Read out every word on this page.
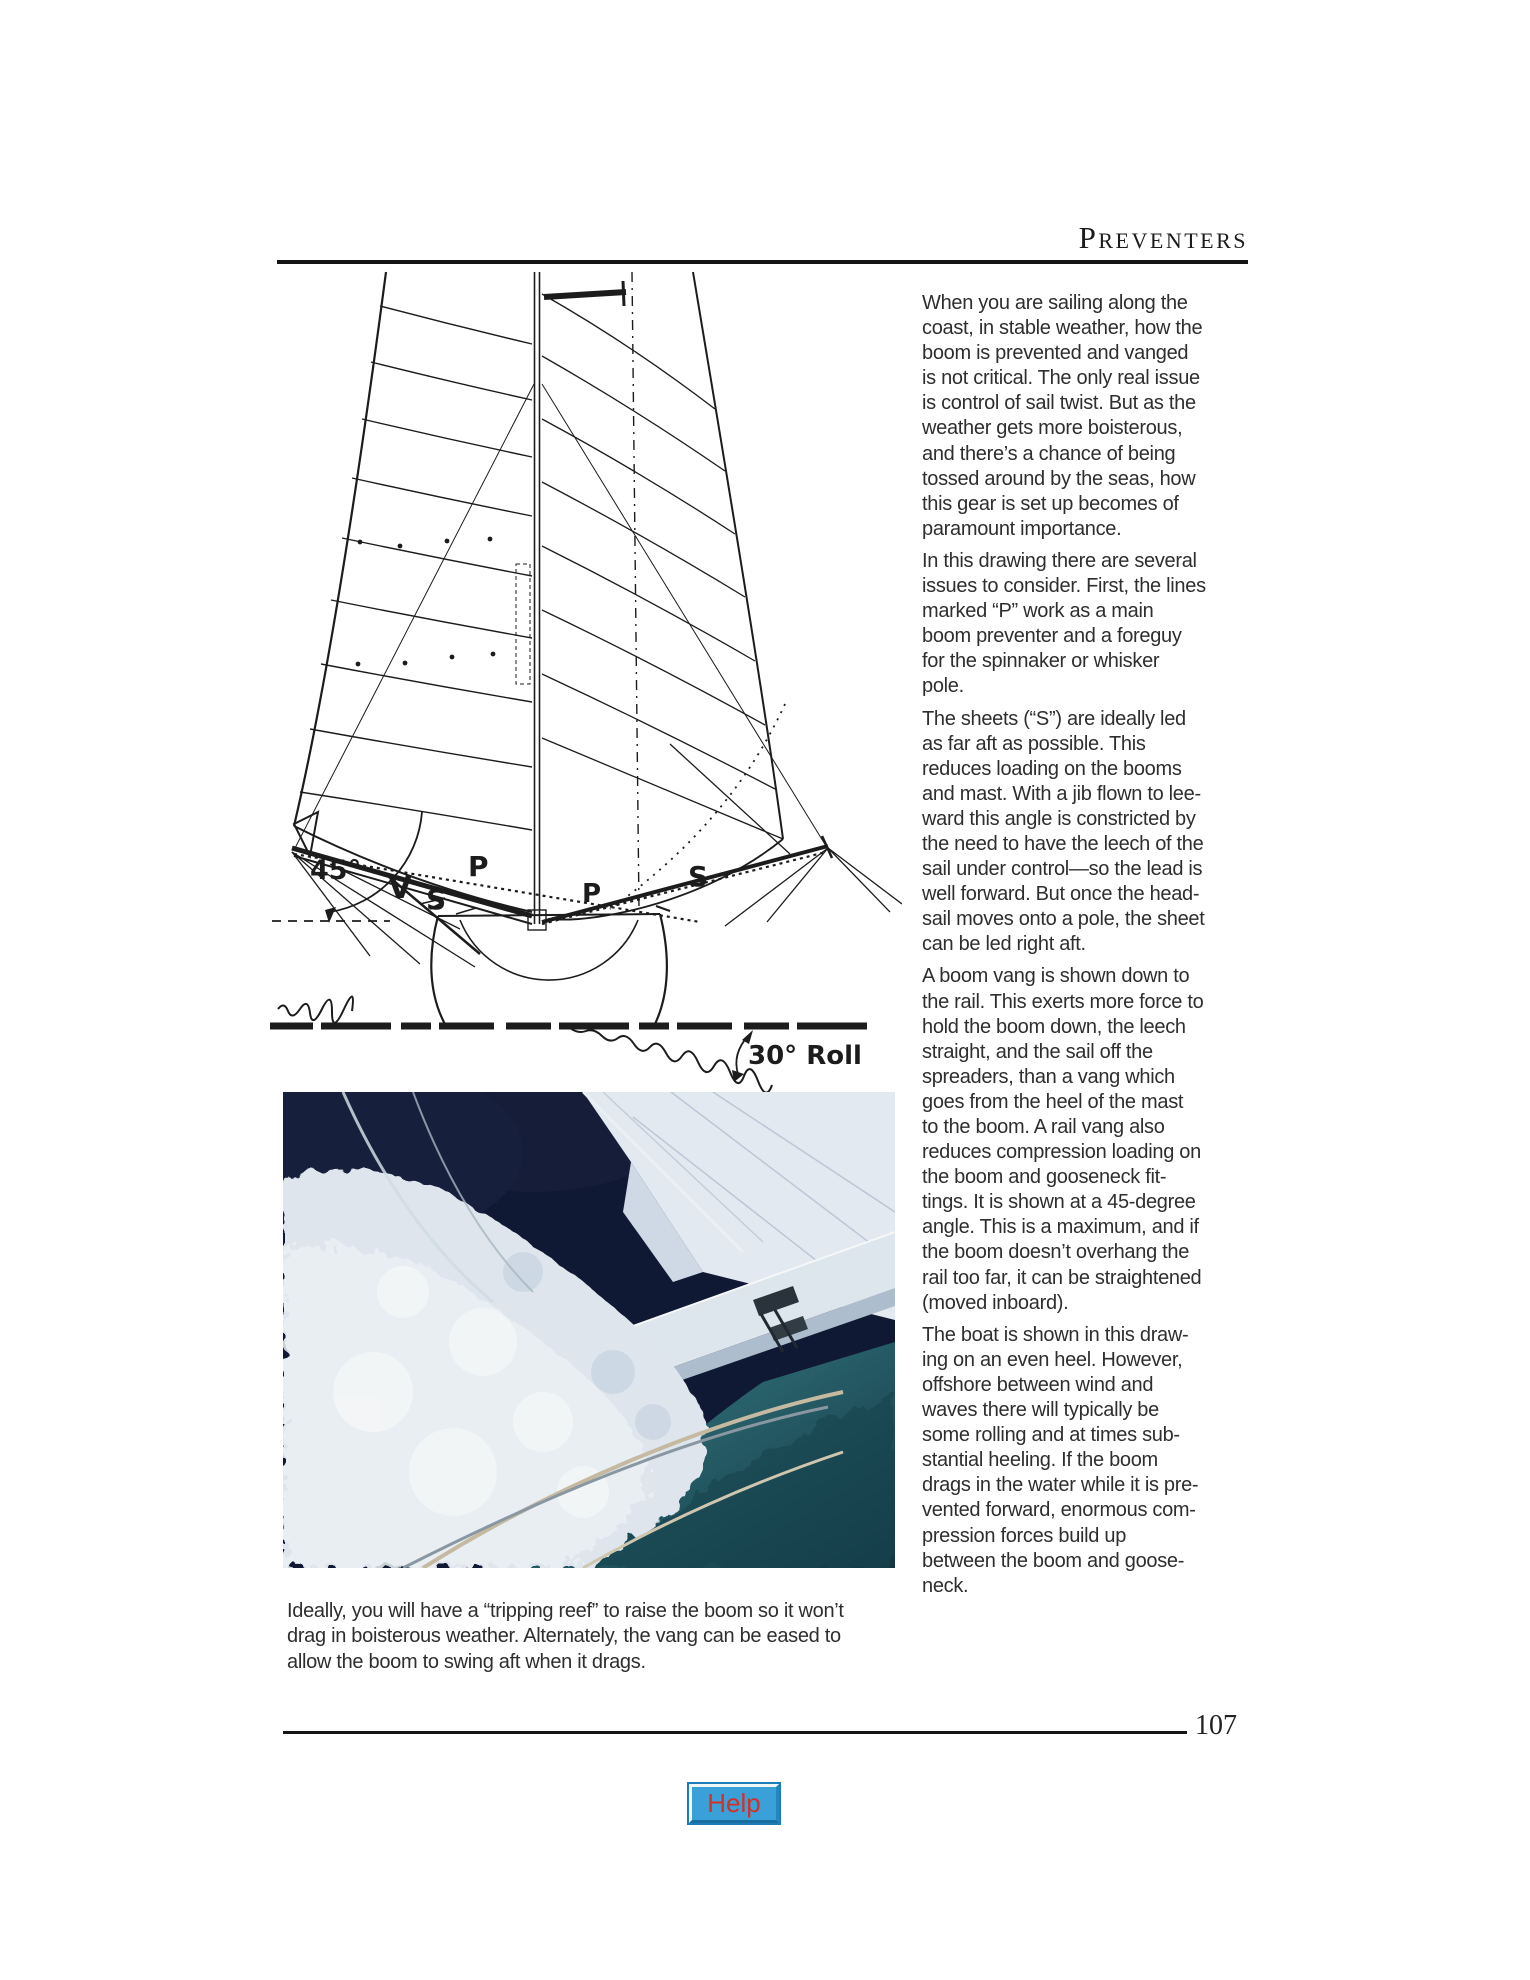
Preventers
45° V S
P
P
S
30° Roll
Ideally, you will have a “tripping reef” to raise the boom so it won’t
drag in boisterous weather. Alternately, the vang can be eased to
allow the boom to swing aft when it drags.
When you are sailing along the
coast, in stable weather, how the
boom is prevented and vanged
is not critical. The only real issue
is control of sail twist. But as the
weather gets more boisterous,
and there’s a chance of being
tossed around by the seas, how
this gear is set up becomes of
paramount importance.
In this drawing there are several
issues to consider. First, the lines
marked “P” work as a main
boom preventer and a foreguy
for the spinnaker or whisker
pole.
The sheets (“S”) are ideally led
as far aft as possible. This
reduces loading on the booms
and mast. With a jib flown to lee-
ward this angle is constricted by
the need to have the leech of the
sail under control—so the lead is
well forward. But once the head-
sail moves onto a pole, the sheet
can be led right aft.
A boom vang is shown down to
the rail. This exerts more force to
hold the boom down, the leech
straight, and the sail off the
spreaders, than a vang which
goes from the heel of the mast
to the boom. A rail vang also
reduces compression loading on
the boom and gooseneck fit-
tings. It is shown at a 45-degree
angle. This is a maximum, and if
the boom doesn’t overhang the
rail too far, it can be straightened
(moved inboard).
The boat is shown in this draw-
ing on an even heel. However,
offshore between wind and
waves there will typically be
some rolling and at times sub-
stantial heeling. If the boom
drags in the water while it is pre-
vented forward, enormous com-
pression forces build up
between the boom and goose-
neck.
107
Help
